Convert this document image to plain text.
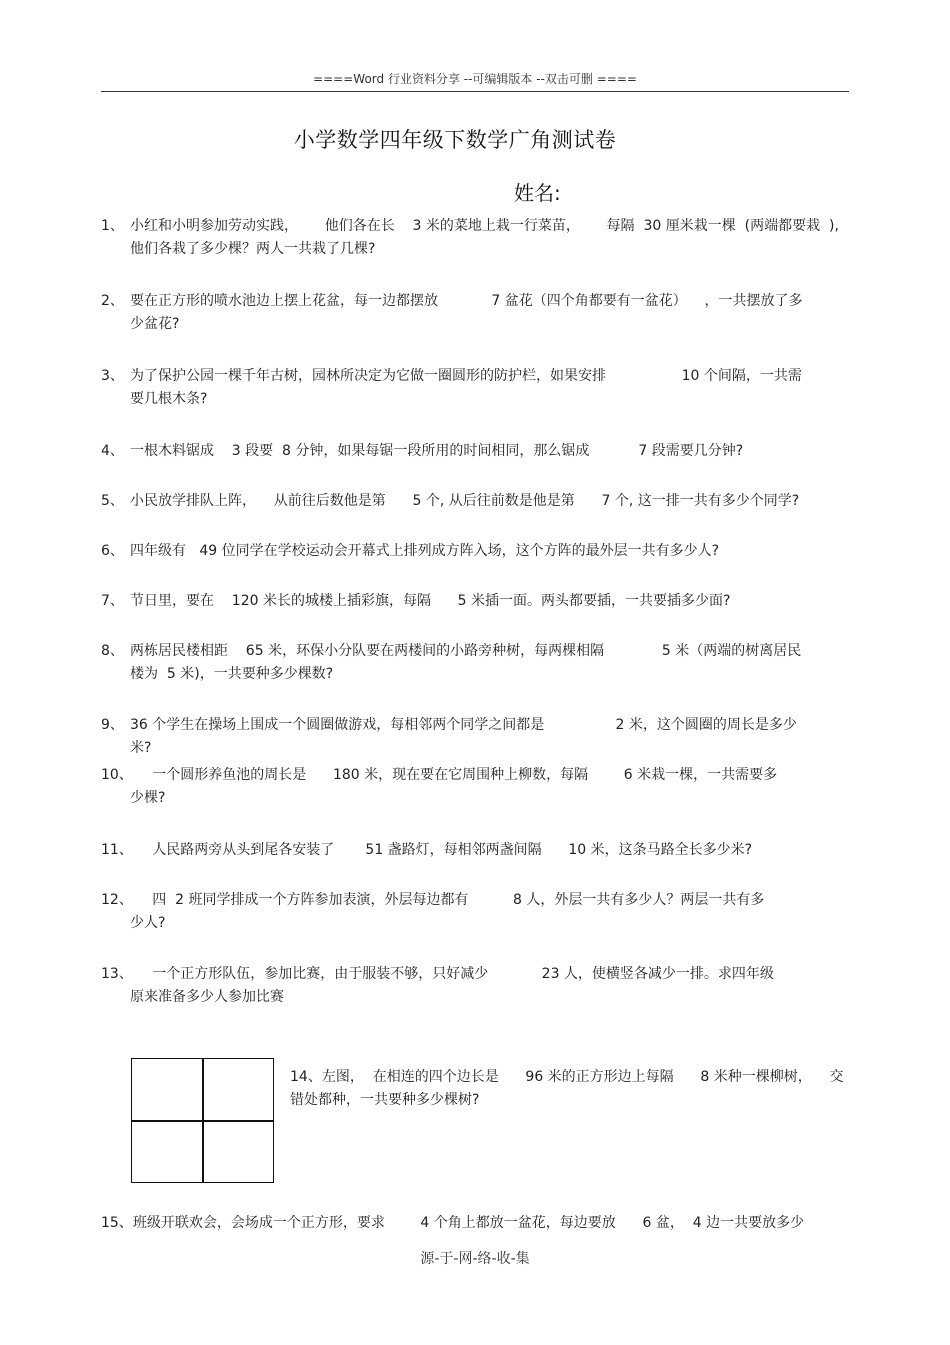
====Word 行业资料分享 --可编辑版本 --双击可删 ====
小学数学四年级下数学广角测试卷
姓名:
1、 小红和小明参加劳动实践，      他们各在长    3 米的菜地上栽一行菜苗，      每隔  30 厘米栽一棵  (两端都要栽  ),
他们各栽了多少棵？两人一共栽了几棵?
2、 要在正方形的喷水池边上摆上花盆，每一边都摆放            7 盆花（四个角都要有一盆花）    ，一共摆放了多
少盆花?
3、 为了保护公园一棵千年古树，园林所决定为它做一圈圆形的防护栏，如果安排                 10 个间隔，一共需
要几根木条?
4、 一根木料锯成    3 段要  8 分钟，如果每锯一段所用的时间相同，那么锯成           7 段需要几分钟?
5、 小民放学排队上阵，    从前往后数他是第      5 个, 从后往前数是他是第      7 个, 这一排一共有多少个同学?
6、 四年级有   49 位同学在学校运动会开幕式上排列成方阵入场，这个方阵的最外层一共有多少人?
7、 节日里，要在    120 米长的城楼上插彩旗，每隔      5 米插一面。两头都要插，一共要插多少面?
8、 两栋居民楼相距    65 米，环保小分队要在两楼间的小路旁种树，每两棵相隔             5 米（两端的树离居民
楼为  5 米)，一共要种多少棵数?
9、 36 个学生在操场上围成一个圆圈做游戏，每相邻两个同学之间都是                2 米，这个圆圈的周长是多少
米?
10、	一个圆形养鱼池的周长是      180 米，现在要在它周围种上柳数，每隔        6 米栽一棵，一共需要多
少棵?
11、
人民路两旁从头到尾各安装了       51 盏路灯，每相邻两盏间隔      10 米，这条马路全长多少米?
12、	四  2 班同学排成一个方阵参加表演，外层每边都有          8 人，外层一共有多少人？两层一共有多
少人?
13、	一个正方形队伍，参加比赛，由于服装不够，只好减少            23 人，使横竖各减少一排。求四年级
原来准备多少人参加比赛
14、左图，  在相连的四个边长是      96 米的正方形边上每隔      8 米种一棵柳树，    交
错处都种，一共要种多少棵树?
15、班级开联欢会，会场成一个正方形，要求        4 个角上都放一盆花，每边要放      6 盆，  4 边一共要放多少
源-于-网-络-收-集
